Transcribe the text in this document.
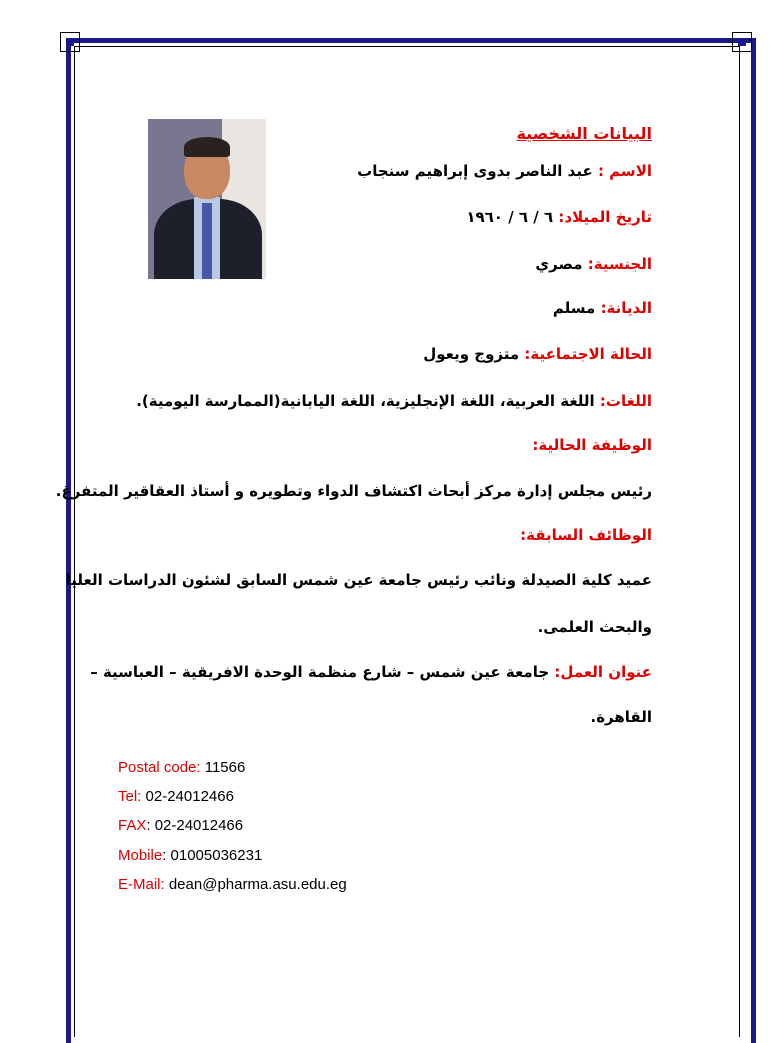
البيانات الشخصية
الاسم : عبد الناصر بدوى إبراهيم سنجاب
تاريخ الميلاد: ٦ / ٦ / ١٩٦٠
الجنسية: مصري
الديانة: مسلم
الحالة الاجتماعية: متزوج ويعول
اللغات: اللغة العربية، اللغة الإنجليزية، اللغة اليابانية(الممارسة اليومية).
الوظيفة الحالية:
رئيس مجلس إدارة مركز أبحاث اكتشاف الدواء وتطويره و أستاذ العقاقير المتفرغ.
الوظائف السابقة:
عميد كلية الصيدلة ونائب رئيس جامعة عين شمس السابق لشئون الدراسات العليا
والبحث العلمى.
عنوان العمل: جامعة عين شمس – شارع منظمة الوحدة الافريقية – العباسية –
القاهرة.
Postal code: 11566
Tel: 02-24012466
FAX: 02-24012466
Mobile: 01005036231
E-Mail: dean@pharma.asu.edu.eg
